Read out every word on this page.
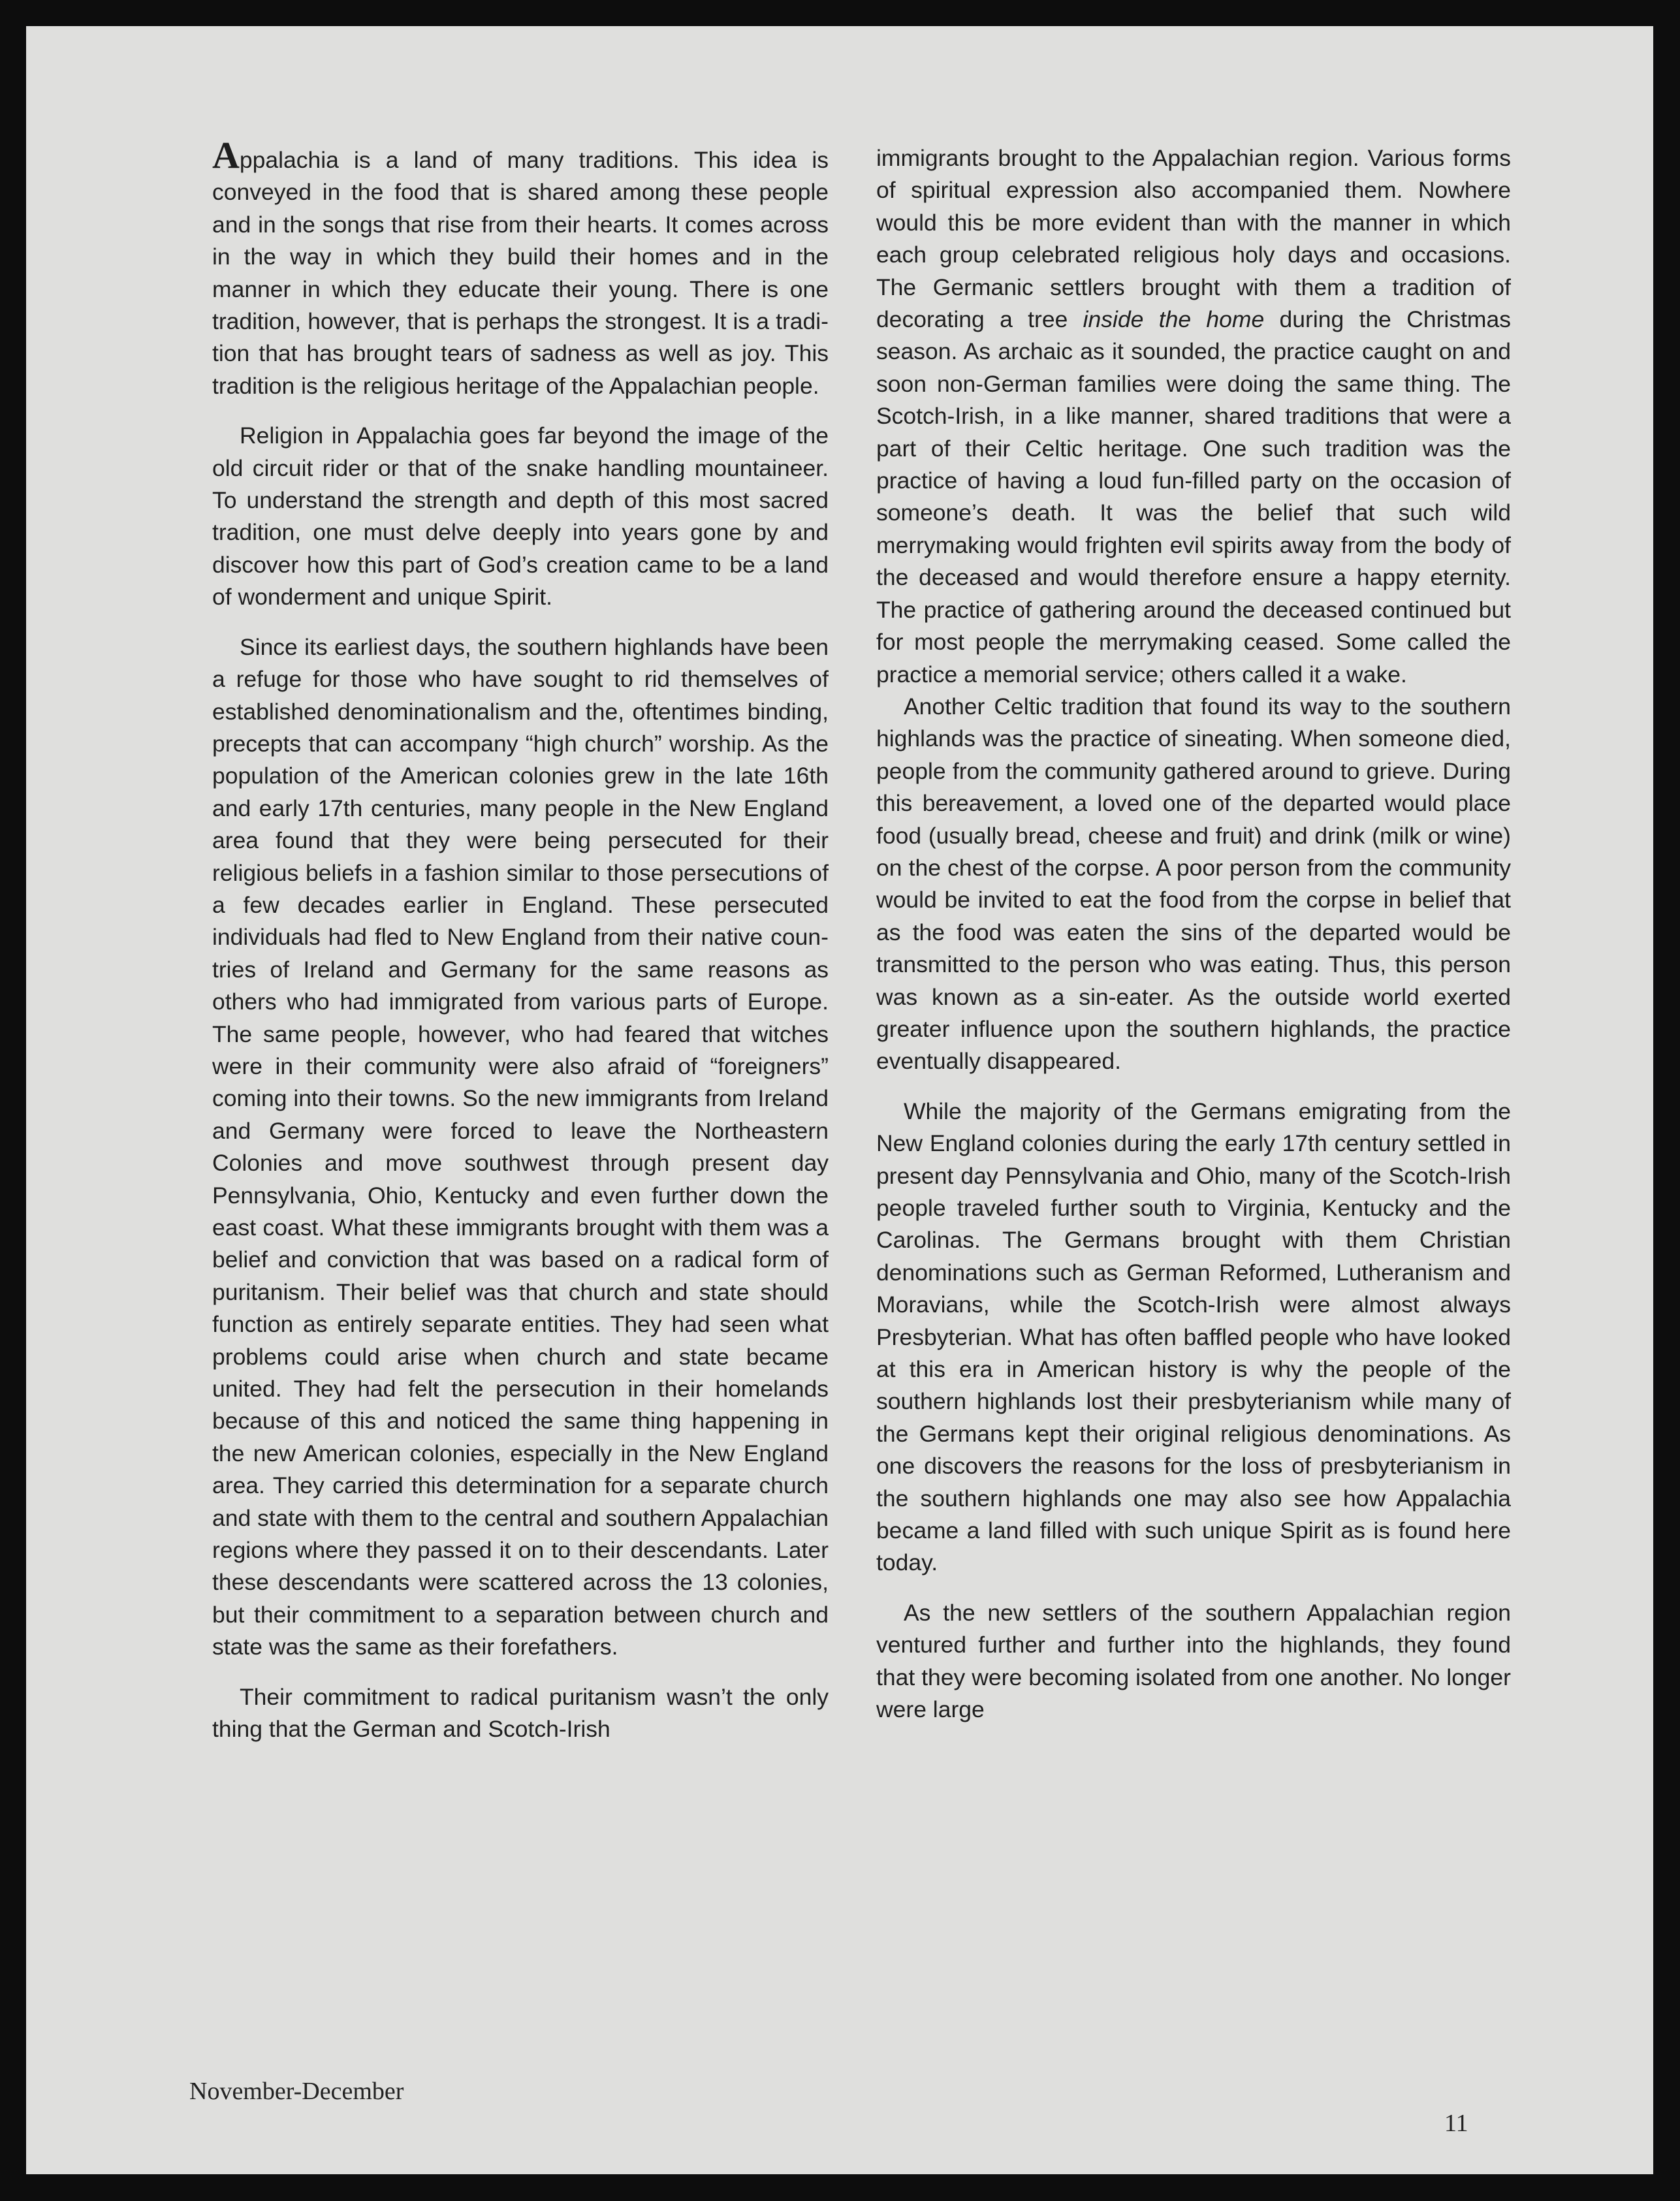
Appalachia is a land of many traditions. This idea is conveyed in the food that is shared among these people and in the songs that rise from their hearts. It comes across in the way in which they build their homes and in the manner in which they educate their young. There is one tradition, however, that is perhaps the strongest. It is a tradition that has brought tears of sadness as well as joy. This tradition is the religious heritage of the Appalachian people.

Religion in Appalachia goes far beyond the image of the old circuit rider or that of the snake handling mountaineer. To understand the strength and depth of this most sacred tradition, one must delve deeply into years gone by and discover how this part of God’s creation came to be a land of wonderment and unique Spirit.

Since its earliest days, the southern highlands have been a refuge for those who have sought to rid themselves of established denominationalism and the, oftentimes binding, precepts that can accompany “high church” worship. As the population of the American colonies grew in the late 16th and early 17th centuries, many people in the New England area found that they were being persecuted for their religious beliefs in a fashion similar to those persecutions of a few decades earlier in England. These persecuted individuals had fled to New England from their native countries of Ireland and Germany for the same reasons as others who had immigrated from various parts of Europe. The same people, however, who had feared that witches were in their community were also afraid of “foreigners” coming into their towns. So the new immigrants from Ireland and Germany were forced to leave the Northeastern Colonies and move southwest through present day Pennsylvania, Ohio, Kentucky and even further down the east coast. What these immigrants brought with them was a belief and conviction that was based on a radical form of puritanism. Their belief was that church and state should function as entirely separate entities. They had seen what problems could arise when church and state became united. They had felt the persecution in their homelands because of this and noticed the same thing happening in the new American colonies, especially in the New England area. They carried this determination for a separate church and state with them to the central and southern Appalachian regions where they passed it on to their descendants. Later these descendants were scattered across the 13 colonies, but their commitment to a separation between church and state was the same as their forefathers.

Their commitment to radical puritanism wasn’t the only thing that the German and Scotch-Irish

immigrants brought to the Appalachian region. Various forms of spiritual expression also accompanied them. Nowhere would this be more evident than with the manner in which each group celebrated religious holy days and occasions. The Germanic settlers brought with them a tradition of decorating a tree inside the home during the Christmas season. As archaic as it sounded, the practice caught on and soon non-German families were doing the same thing. The Scotch-Irish, in a like manner, shared traditions that were a part of their Celtic heritage. One such tradition was the practice of having a loud fun-filled party on the occasion of someone’s death. It was the belief that such wild merrymaking would frighten evil spirits away from the body of the deceased and would therefore ensure a happy eternity. The practice of gathering around the deceased continued but for most people the merrymaking ceased. Some called the practice a memorial service; others called it a wake.

Another Celtic tradition that found its way to the southern highlands was the practice of sineating. When someone died, people from the community gathered around to grieve. During this bereavement, a loved one of the departed would place food (usually bread, cheese and fruit) and drink (milk or wine) on the chest of the corpse. A poor person from the community would be invited to eat the food from the corpse in belief that as the food was eaten the sins of the departed would be transmitted to the person who was eating. Thus, this person was known as a sin-eater. As the outside world exerted greater influence upon the southern highlands, the practice eventually disappeared.

While the majority of the Germans emigrating from the New England colonies during the early 17th century settled in present day Pennsylvania and Ohio, many of the Scotch-Irish people traveled further south to Virginia, Kentucky and the Carolinas. The Germans brought with them Christian denominations such as German Reformed, Lutheranism and Moravians, while the Scotch-Irish were almost always Presbyterian. What has often baffled people who have looked at this era in American history is why the people of the southern highlands lost their presbyterianism while many of the Germans kept their original religious denominations. As one discovers the reasons for the loss of presbyterianism in the southern highlands one may also see how Appalachia became a land filled with such unique Spirit as is found here today.

As the new settlers of the southern Appalachian region ventured further and further into the highlands, they found that they were becoming isolated from one another. No longer were large

November-December
11
